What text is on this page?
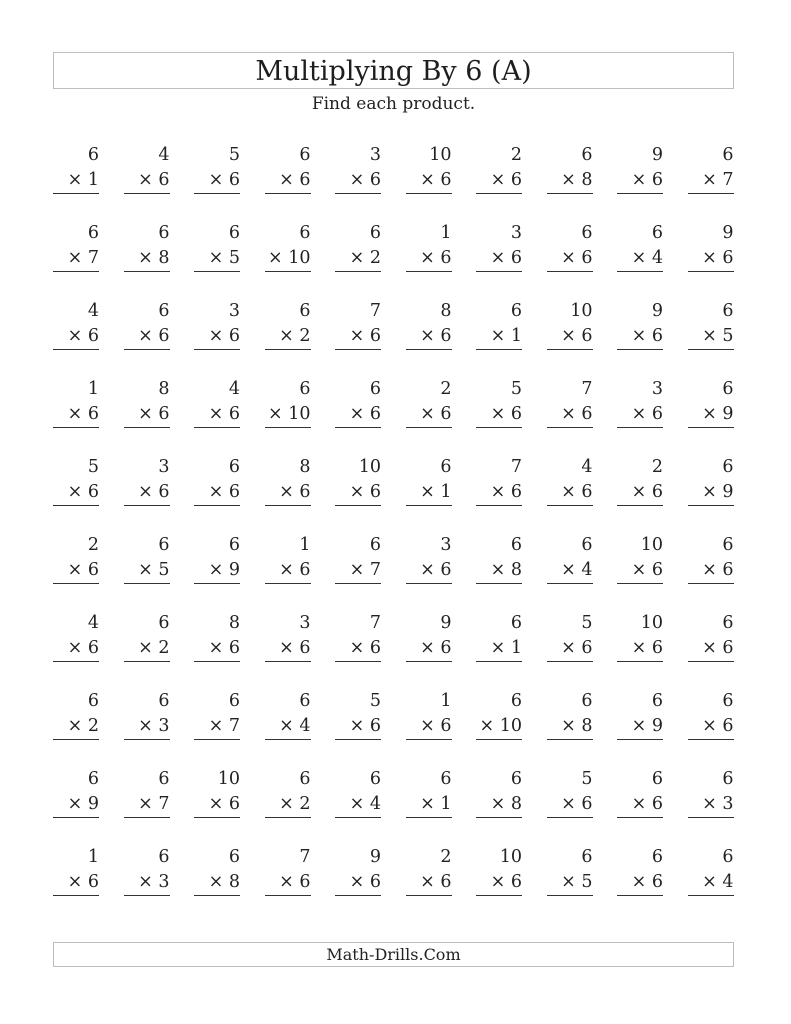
Multiplying By 6 (A)
Find each product.
6
× 1
4
× 6
5
× 6
6
× 6
3
× 6
10
× 6
2
× 6
6
× 8
9
× 6
6
× 7
6
× 7
6
× 8
6
× 5
6
× 10
6
× 2
1
× 6
3
× 6
6
× 6
6
× 4
9
× 6
4
× 6
6
× 6
3
× 6
6
× 2
7
× 6
8
× 6
6
× 1
10
× 6
9
× 6
6
× 5
1
× 6
8
× 6
4
× 6
6
× 10
6
× 6
2
× 6
5
× 6
7
× 6
3
× 6
6
× 9
5
× 6
3
× 6
6
× 6
8
× 6
10
× 6
6
× 1
7
× 6
4
× 6
2
× 6
6
× 9
2
× 6
6
× 5
6
× 9
1
× 6
6
× 7
3
× 6
6
× 8
6
× 4
10
× 6
6
× 6
4
× 6
6
× 2
8
× 6
3
× 6
7
× 6
9
× 6
6
× 1
5
× 6
10
× 6
6
× 6
6
× 2
6
× 3
6
× 7
6
× 4
5
× 6
1
× 6
6
× 10
6
× 8
6
× 9
6
× 6
6
× 9
6
× 7
10
× 6
6
× 2
6
× 4
6
× 1
6
× 8
5
× 6
6
× 6
6
× 3
1
× 6
6
× 3
6
× 8
7
× 6
9
× 6
2
× 6
10
× 6
6
× 5
6
× 6
6
× 4
Math-Drills.Com
